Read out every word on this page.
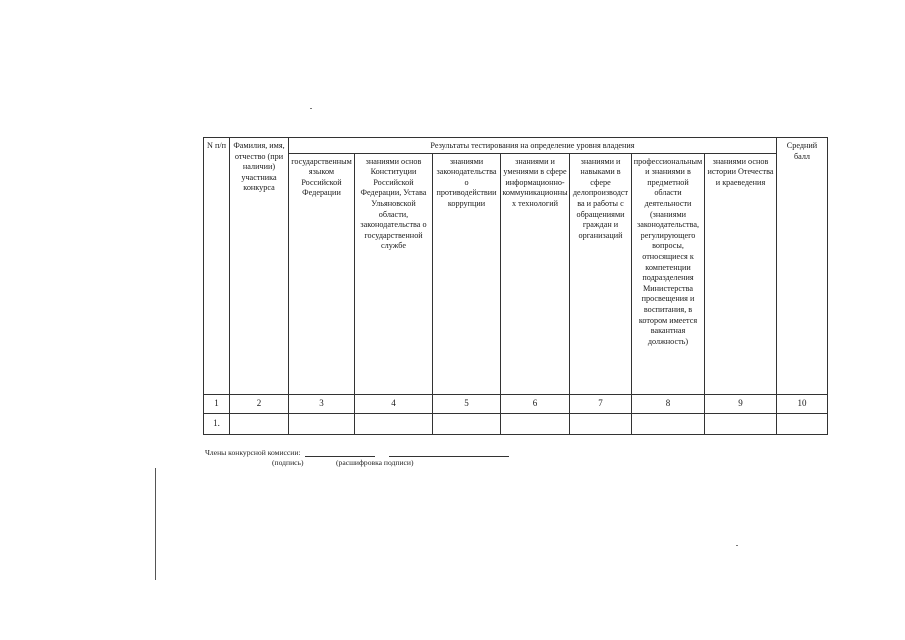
N п/п	Фамилия, имя, отчество (при наличии) участника конкурса	Результаты тестирования на определение уровня владения							Средний балл

		государственным языком Российской Федерации	знаниями основ Конституции Российской Федерации, Устава Ульяновской области, законодательства о государственной службе	знаниями законодательства о противодействии коррупции	знаниями и умениями в сфере информационно-коммуникационных технологий	знаниями и навыками в сфере делопроизводства и работы с обращениями граждан и организаций	профессиональными знаниями в предметной области деятельности (знаниями законодательства, регулирующего вопросы, относящиеся к компетенции подразделения Министерства просвещения и воспитания, в котором имеется вакантная должность)	знаниями основ истории Отечества и краеведения	

1	2	3	4	5	6	7	8	9	10
1.									
Члены конкурсной комиссии:
(подпись)	(расшифровка подписи)
